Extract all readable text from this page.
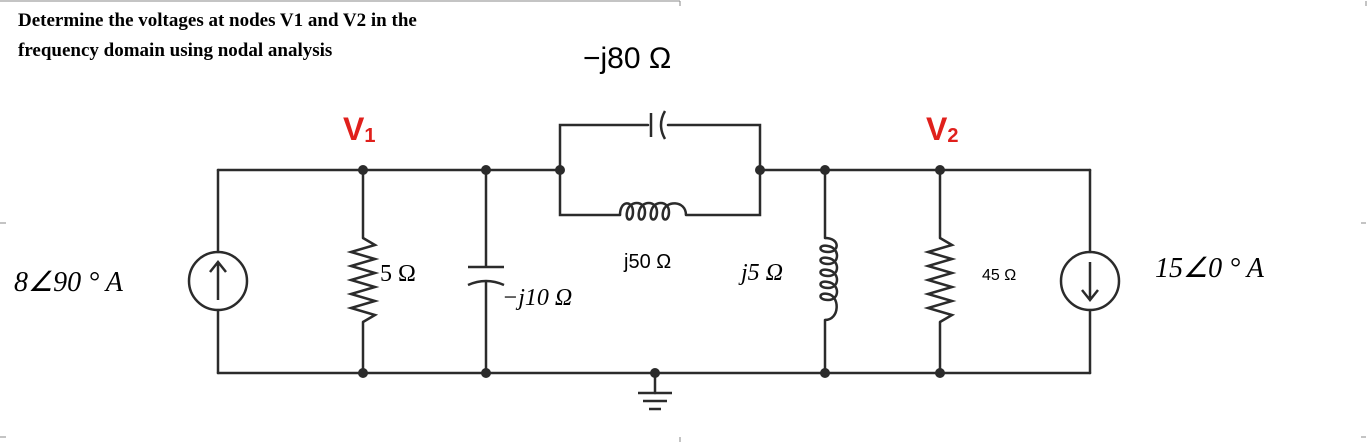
Determine the voltages at nodes V1 and V2 in the
frequency domain using nodal analysis
V1	V2
−j80 Ω
j50 Ω
5 Ω
−j10 Ω
j5 Ω	45 Ω
8∠90 ° A	15∠0 ° A
